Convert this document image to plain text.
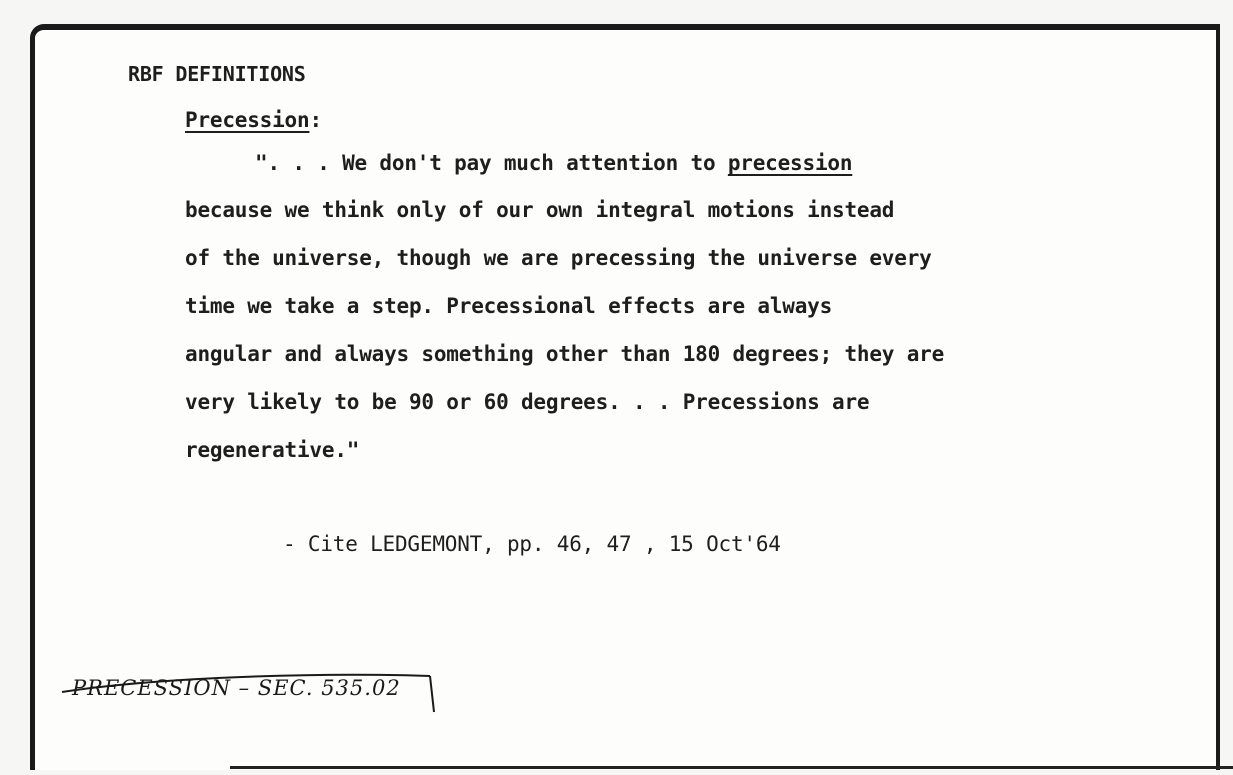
RBF DEFINITIONS
Precession:
". . . We don't pay much attention to precession
because we think only of our own integral motions instead
of the universe, though we are precessing the universe every
time we take a step. Precessional effects are always
angular and always something other than 180 degrees; they are
very likely to be 90 or 60 degrees. . . Precessions are
regenerative."
- Cite LEDGEMONT, pp. 46, 47 , 15 Oct'64
PRECESSION – SEC. 535.02
